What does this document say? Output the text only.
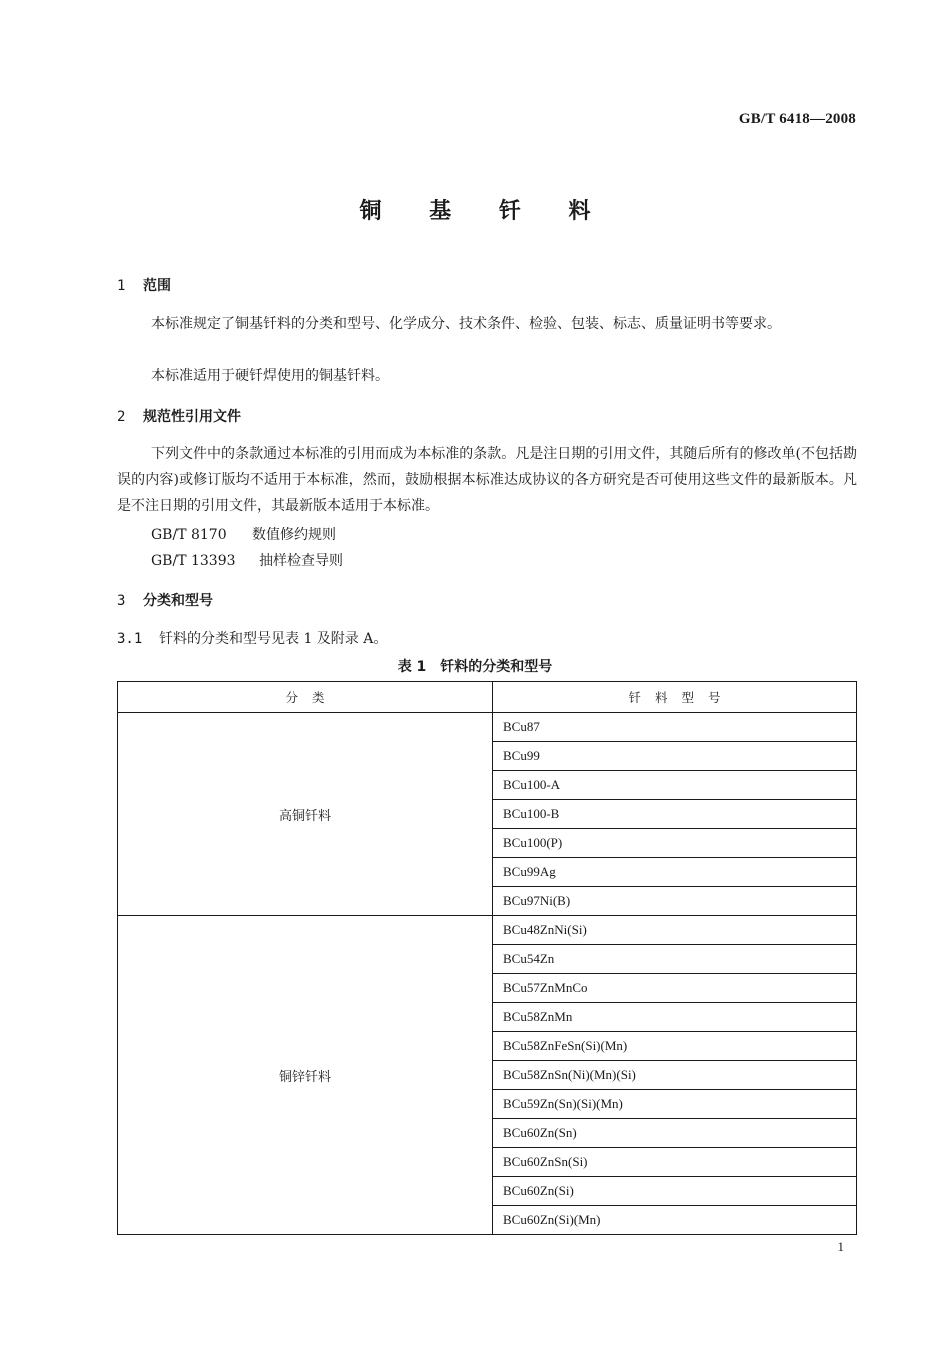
GB/T 6418—2008
铜 基 钎 料
1 范围
本标准规定了铜基钎料的分类和型号、化学成分、技术条件、检验、包装、标志、质量证明书等要求。
本标准适用于硬钎焊使用的铜基钎料。
2 规范性引用文件
下列文件中的条款通过本标准的引用而成为本标准的条款。凡是注日期的引用文件，其随后所有的修改单(不包括勘误的内容)或修订版均不适用于本标准，然而，鼓励根据本标准达成协议的各方研究是否可使用这些文件的最新版本。凡是不注日期的引用文件，其最新版本适用于本标准。
GB/T 8170 数值修约规则
GB/T 13393 抽样检查导则
3 分类和型号
3.1 钎料的分类和型号见表 1 及附录 A。
表 1　钎料的分类和型号
分类	钎料型号
高铜钎料	BCu87
	BCu99
	BCu100-A
	BCu100-B
	BCu100(P)
	BCu99Ag
	BCu97Ni(B)
铜锌钎料	BCu48ZnNi(Si)
	BCu54Zn
	BCu57ZnMnCo
	BCu58ZnMn
	BCu58ZnFeSn(Si)(Mn)
	BCu58ZnSn(Ni)(Mn)(Si)
	BCu59Zn(Sn)(Si)(Mn)
	BCu60Zn(Sn)
	BCu60ZnSn(Si)
	BCu60Zn(Si)
	BCu60Zn(Si)(Mn)
1
